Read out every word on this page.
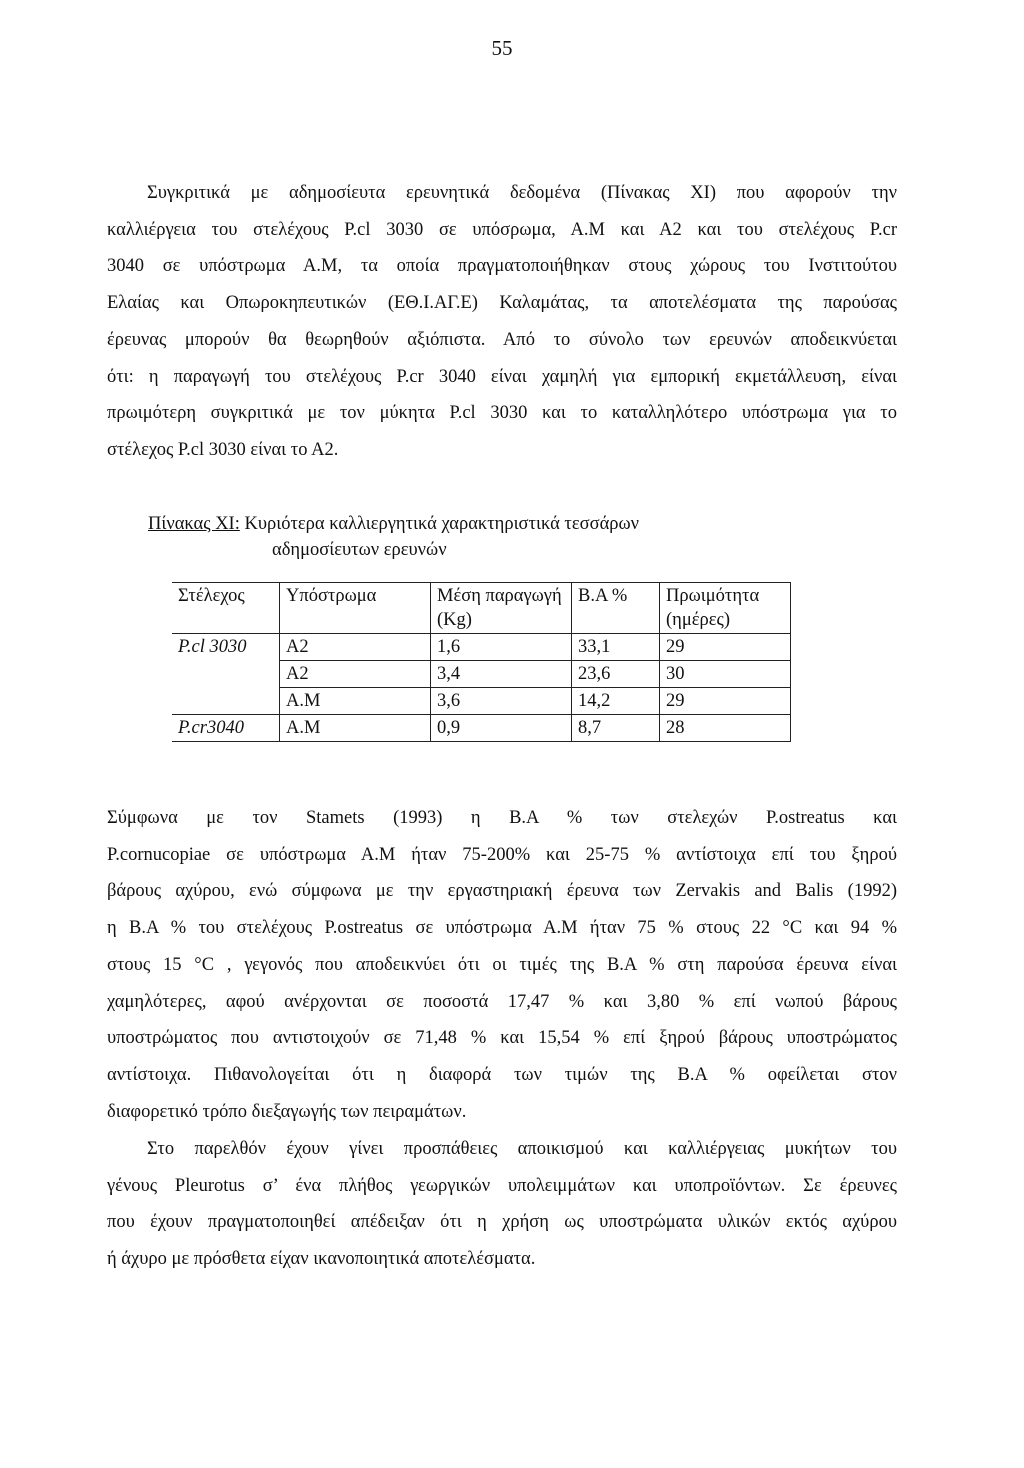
55

Συγκριτικά με αδημοσίευτα ερευνητικά δεδομένα (Πίνακας XI) που αφορούν την
καλλιέργεια του στελέχους P.cl 3030 σε υπόσρωμα, Α.Μ και Α2 και του στελέχους P.cr
3040 σε υπόστρωμα Α.Μ, τα οποία πραγματοποιήθηκαν στους χώρους του Ινστιτούτου
Ελαίας και Οπωροκηπευτικών (ΕΘ.Ι.ΑΓ.Ε) Καλαμάτας, τα αποτελέσματα της παρούσας
έρευνας μπορούν θα θεωρηθούν αξιόπιστα. Από το σύνολο των ερευνών αποδεικνύεται
ότι: η παραγωγή του στελέχους P.cr 3040 είναι χαμηλή για εμπορική εκμετάλλευση, είναι
πρωιμότερη συγκριτικά με τον μύκητα P.cl 3030 και το καταλληλότερο υπόστρωμα για το
στέλεχος P.cl 3030 είναι το Α2.

Πίνακας XI: Κυριότερα καλλιεργητικά χαρακτηριστικά τεσσάρων
αδημοσίευτων ερευνών
Στέλεχος	Υπόστρωμα	Μέση παραγωγή (Kg)	Β.Α %	Πρωιμότητα (ημέρες)
P.cl 3030	Α2	1,6	33,1	29
	Α2	3,4	23,6	30
	Α.Μ	3,6	14,2	29
P.cr3040	Α.Μ	0,9	8,7	28

Σύμφωνα με τον Stamets (1993) η Β.Α % των στελεχών P.ostreatus και
P.cornucopiae σε υπόστρωμα Α.Μ ήταν 75-200% και 25-75 % αντίστοιχα επί του ξηρού
βάρους αχύρου, ενώ σύμφωνα με την εργαστηριακή έρευνα των Zervakis and Balis (1992)
η Β.Α % του στελέχους P.ostreatus σε υπόστρωμα Α.Μ ήταν 75 % στους 22 °C και 94 %
στους 15 °C , γεγονός που αποδεικνύει ότι οι τιμές της Β.Α % στη παρούσα έρευνα είναι
χαμηλότερες, αφού ανέρχονται σε ποσοστά 17,47 % και 3,80 % επί νωπού βάρους
υποστρώματος που αντιστοιχούν σε 71,48 % και 15,54 % επί ξηρού βάρους υποστρώματος
αντίστοιχα. Πιθανολογείται ότι η διαφορά των τιμών της Β.Α % οφείλεται στον
διαφορετικό τρόπο διεξαγωγής των πειραμάτων.

Στο παρελθόν έχουν γίνει προσπάθειες αποικισμού και καλλιέργειας μυκήτων του
γένους Pleurotus σ’ ένα πλήθος γεωργικών υπολειμμάτων και υποπροϊόντων. Σε έρευνες
που έχουν πραγματοποιηθεί απέδειξαν ότι η χρήση ως υποστρώματα υλικών εκτός αχύρου
ή άχυρο με πρόσθετα είχαν ικανοποιητικά αποτελέσματα.
